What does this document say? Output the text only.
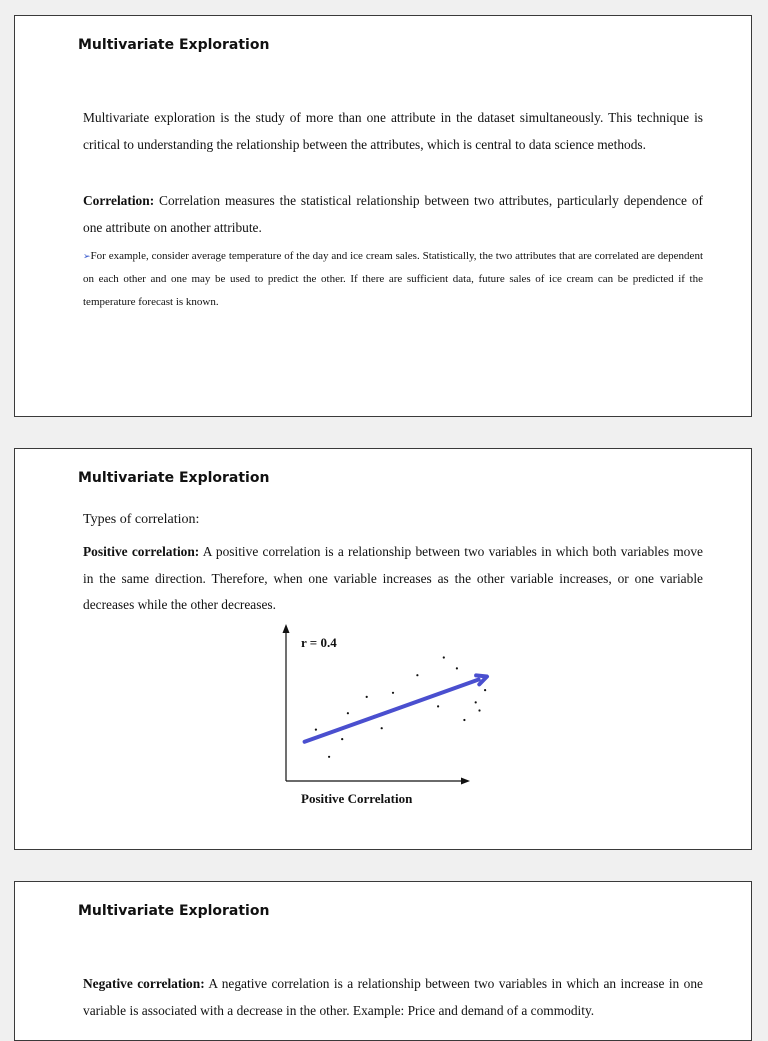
Multivariate Exploration

Multivariate exploration is the study of more than one attribute in the dataset simultaneously. This technique is critical to understanding the relationship between the attributes, which is central to data science methods.

Correlation: Correlation measures the statistical relationship between two attributes, particularly dependence of one attribute on another attribute.

➢For example, consider average temperature of the day and ice cream sales. Statistically, the two attributes that are correlated are dependent on each other and one may be used to predict the other. If there are sufficient data, future sales of ice cream can be predicted if the temperature forecast is known.

Multivariate Exploration
Types of correlation:

Positive correlation: A positive correlation is a relationship between two variables in which both variables move in the same direction. Therefore, when one variable increases as the other variable increases, or one variable decreases while the other decreases.

r = 0.4
Positive Correlation
Multivariate Exploration

Negative correlation: A negative correlation is a relationship between two variables in which an increase in one variable is associated with a decrease in the other. Example: Price and demand of a commodity.
